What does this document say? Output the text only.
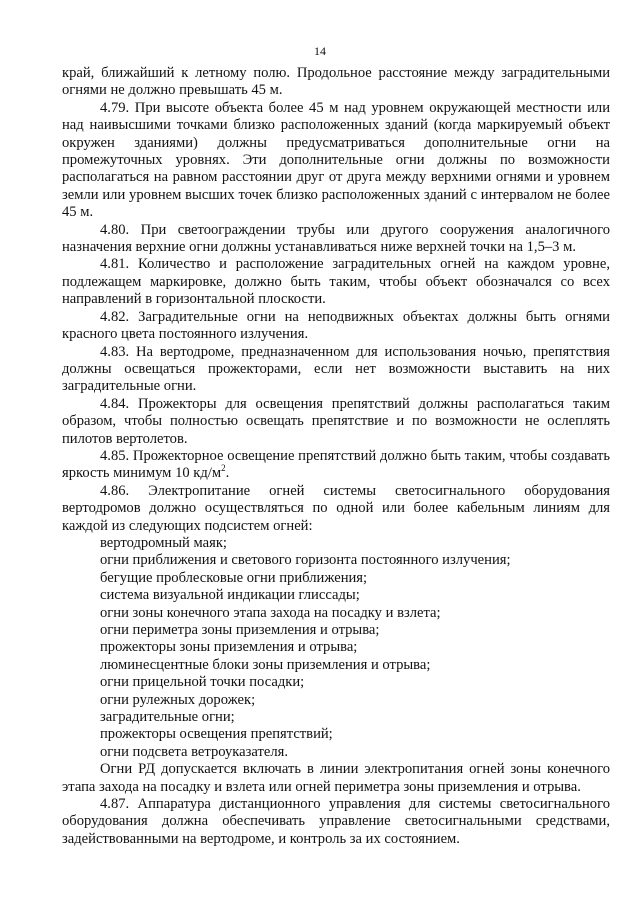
14

край, ближайший к летному полю. Продольное расстояние между заградительными огнями не должно превышать 45 м.

4.79. При высоте объекта более 45 м над уровнем окружающей местности или над наивысшими точками близко расположенных зданий (когда маркируемый объект окружен зданиями) должны предусматриваться дополнительные огни на промежуточных уровнях. Эти дополнительные огни должны по возможности располагаться на равном расстоянии друг от друга между верхними огнями и уровнем земли или уровнем высших точек близко расположенных зданий с интервалом не более 45 м.

4.80. При светоограждении трубы или другого сооружения аналогичного назначения верхние огни должны устанавливаться ниже верхней точки на 1,5–3 м.

4.81. Количество и расположение заградительных огней на каждом уровне, подлежащем маркировке, должно быть таким, чтобы объект обозначался со всех направлений в горизонтальной плоскости.

4.82. Заградительные огни на неподвижных объектах должны быть огнями красного цвета постоянного излучения.

4.83. На вертодроме, предназначенном для использования ночью, препятствия должны освещаться прожекторами, если нет возможности выставить на них заградительные огни.

4.84. Прожекторы для освещения препятствий должны располагаться таким образом, чтобы полностью освещать препятствие и по возможности не ослеплять пилотов вертолетов.

4.85. Прожекторное освещение препятствий должно быть таким, чтобы создавать яркость минимум 10 $кд/м^2$.

4.86. Электропитание огней системы светосигнального оборудования вертодромов должно осуществляться по одной или более кабельным линиям для каждой из следующих подсистем огней:

вертодромный маяк;
огни приближения и светового горизонта постоянного излучения;
бегущие проблесковые огни приближения;
система визуальной индикации глиссады;
огни зоны конечного этапа захода на посадку и взлета;
огни периметра зоны приземления и отрыва;
прожекторы зоны приземления и отрыва;
люминесцентные блоки зоны приземления и отрыва;
огни прицельной точки посадки;
огни рулежных дорожек;
заградительные огни;
прожекторы освещения препятствий;
огни подсвета ветроуказателя.

Огни РД допускается включать в линии электропитания огней зоны конечного этапа захода на посадку и взлета или огней периметра зоны приземления и отрыва.

4.87. Аппаратура дистанционного управления для системы светосигнального оборудования должна обеспечивать управление светосигнальными средствами, задействованными на вертодроме, и контроль за их состоянием.
